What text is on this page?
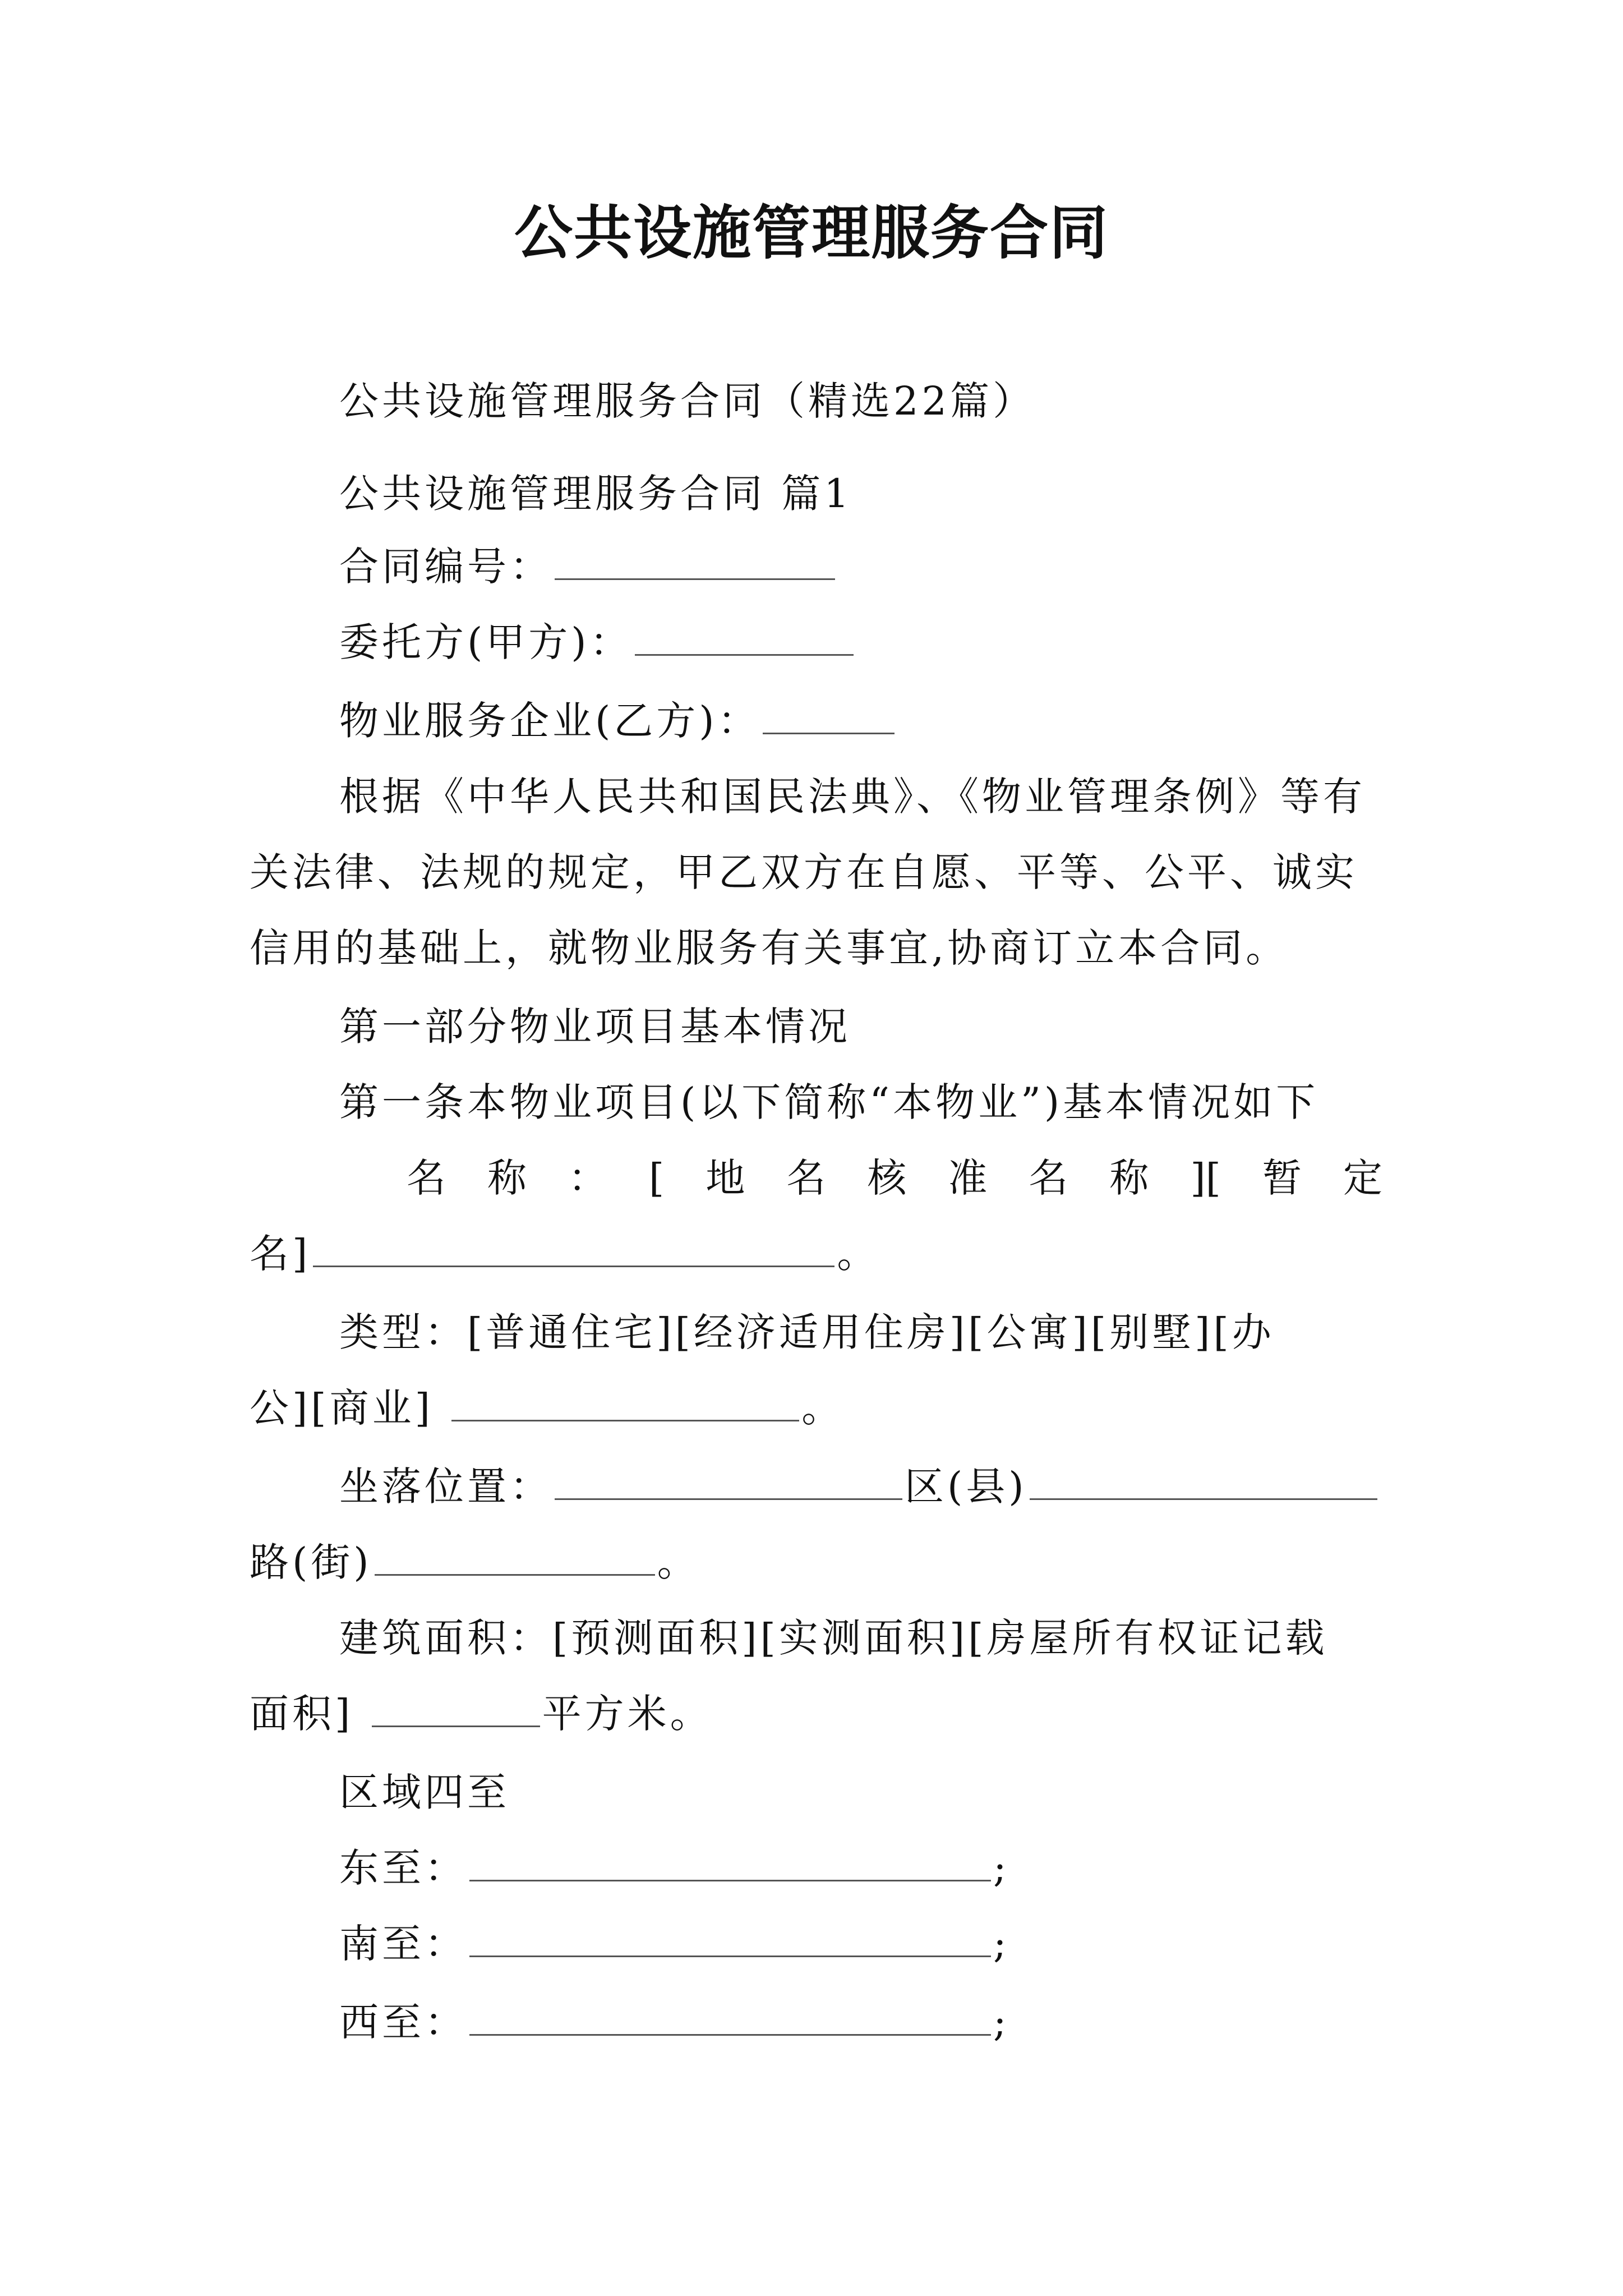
公共设施管理服务合同
公共设施管理服务合同（精选22篇）
公共设施管理服务合同 篇1
合同编号：
委托方(甲方)：
物业服务企业(乙方)：
根据《中华人民共和国民法典》、《物业管理条例》等有
关法律、法规的规定，甲乙双方在自愿、平等、公平、诚实
信用的基础上，就物业服务有关事宜,协商订立本合同。
第一部分物业项目基本情况
第一条本物业项目(以下简称“本物业”)基本情况如下
名 称 ： [ 地 名 核 准 名 称 ][ 暂 定
名]	。
类型：[普通住宅][经济适用住房][公寓][别墅][办
公][商业]	。
坐落位置：	区(县)
路(街)	。
建筑面积：[预测面积][实测面积][房屋所有权证记载
面积]	平方米。
区域四至
东至：	;
南至：	;
西至：	;
